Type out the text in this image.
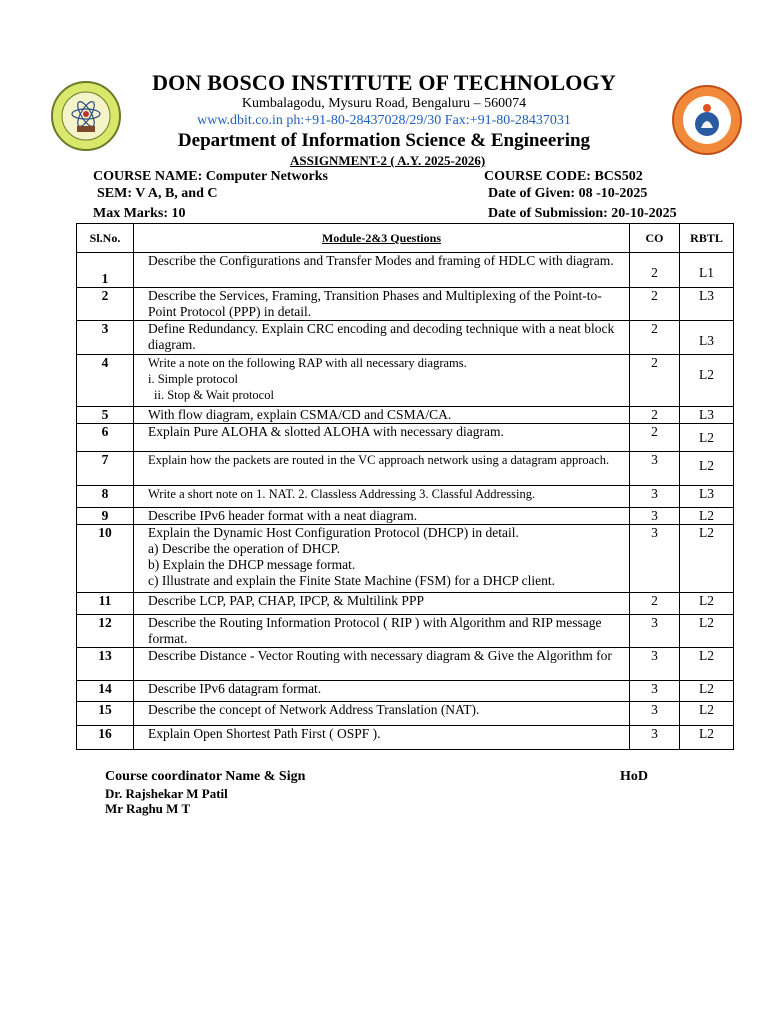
DON BOSCO INSTITUTE OF TECHNOLOGY
Kumbalagodu, Mysuru Road, Bengaluru – 560074
www.dbit.co.in ph:+91-80-28437028/29/30 Fax:+91-80-28437031
Department of Information Science & Engineering
ASSIGNMENT-2 ( A.Y. 2025-2026)
COURSE NAME: Computer Networks	COURSE CODE: BCS502
SEM: V A, B, and C	Date of Given: 08 -10-2025
Max Marks: 10	Date of Submission: 20-10-2025
Sl.No.	Module-2&3 Questions	CO	RBTL
1	Describe the Configurations and Transfer Modes and framing of HDLC with diagram.	2	L1
2	Describe the Services, Framing, Transition Phases and Multiplexing of the Point-to-Point Protocol (PPP) in detail.	2	L3
3	Define Redundancy. Explain CRC encoding and decoding technique with a neat block diagram.	2	L3
4	Write a note on the following RAP with all necessary diagrams.
i. Simple protocol
ii. Stop & Wait protocol	2	L2
5	With flow diagram, explain CSMA/CD and CSMA/CA.	2	L3
6	Explain Pure ALOHA & slotted ALOHA with necessary diagram.	2	L2
7	Explain how the packets are routed in the VC approach network using a datagram approach.	3	L2
8	Write a short note on 1. NAT. 2. Classless Addressing 3. Classful Addressing.	3	L3
9	Describe IPv6 header format with a neat diagram.	3	L2
10	Explain the Dynamic Host Configuration Protocol (DHCP) in detail.
a) Describe the operation of DHCP.
b) Explain the DHCP message format.
c) Illustrate and explain the Finite State Machine (FSM) for a DHCP client.	3	L2
11	Describe LCP, PAP, CHAP, IPCP, & Multilink PPP	2	L2
12	Describe the Routing Information Protocol ( RIP ) with Algorithm and RIP message format.	3	L2
13	Describe Distance - Vector Routing with necessary diagram & Give the Algorithm for	3	L2
14	Describe IPv6 datagram format.	3	L2
15	Describe the concept of Network Address Translation (NAT).	3	L2
16	Explain Open Shortest Path First ( OSPF ).	3	L2
Course coordinator Name & Sign	HoD
Dr. Rajshekar M Patil
Mr Raghu M T
